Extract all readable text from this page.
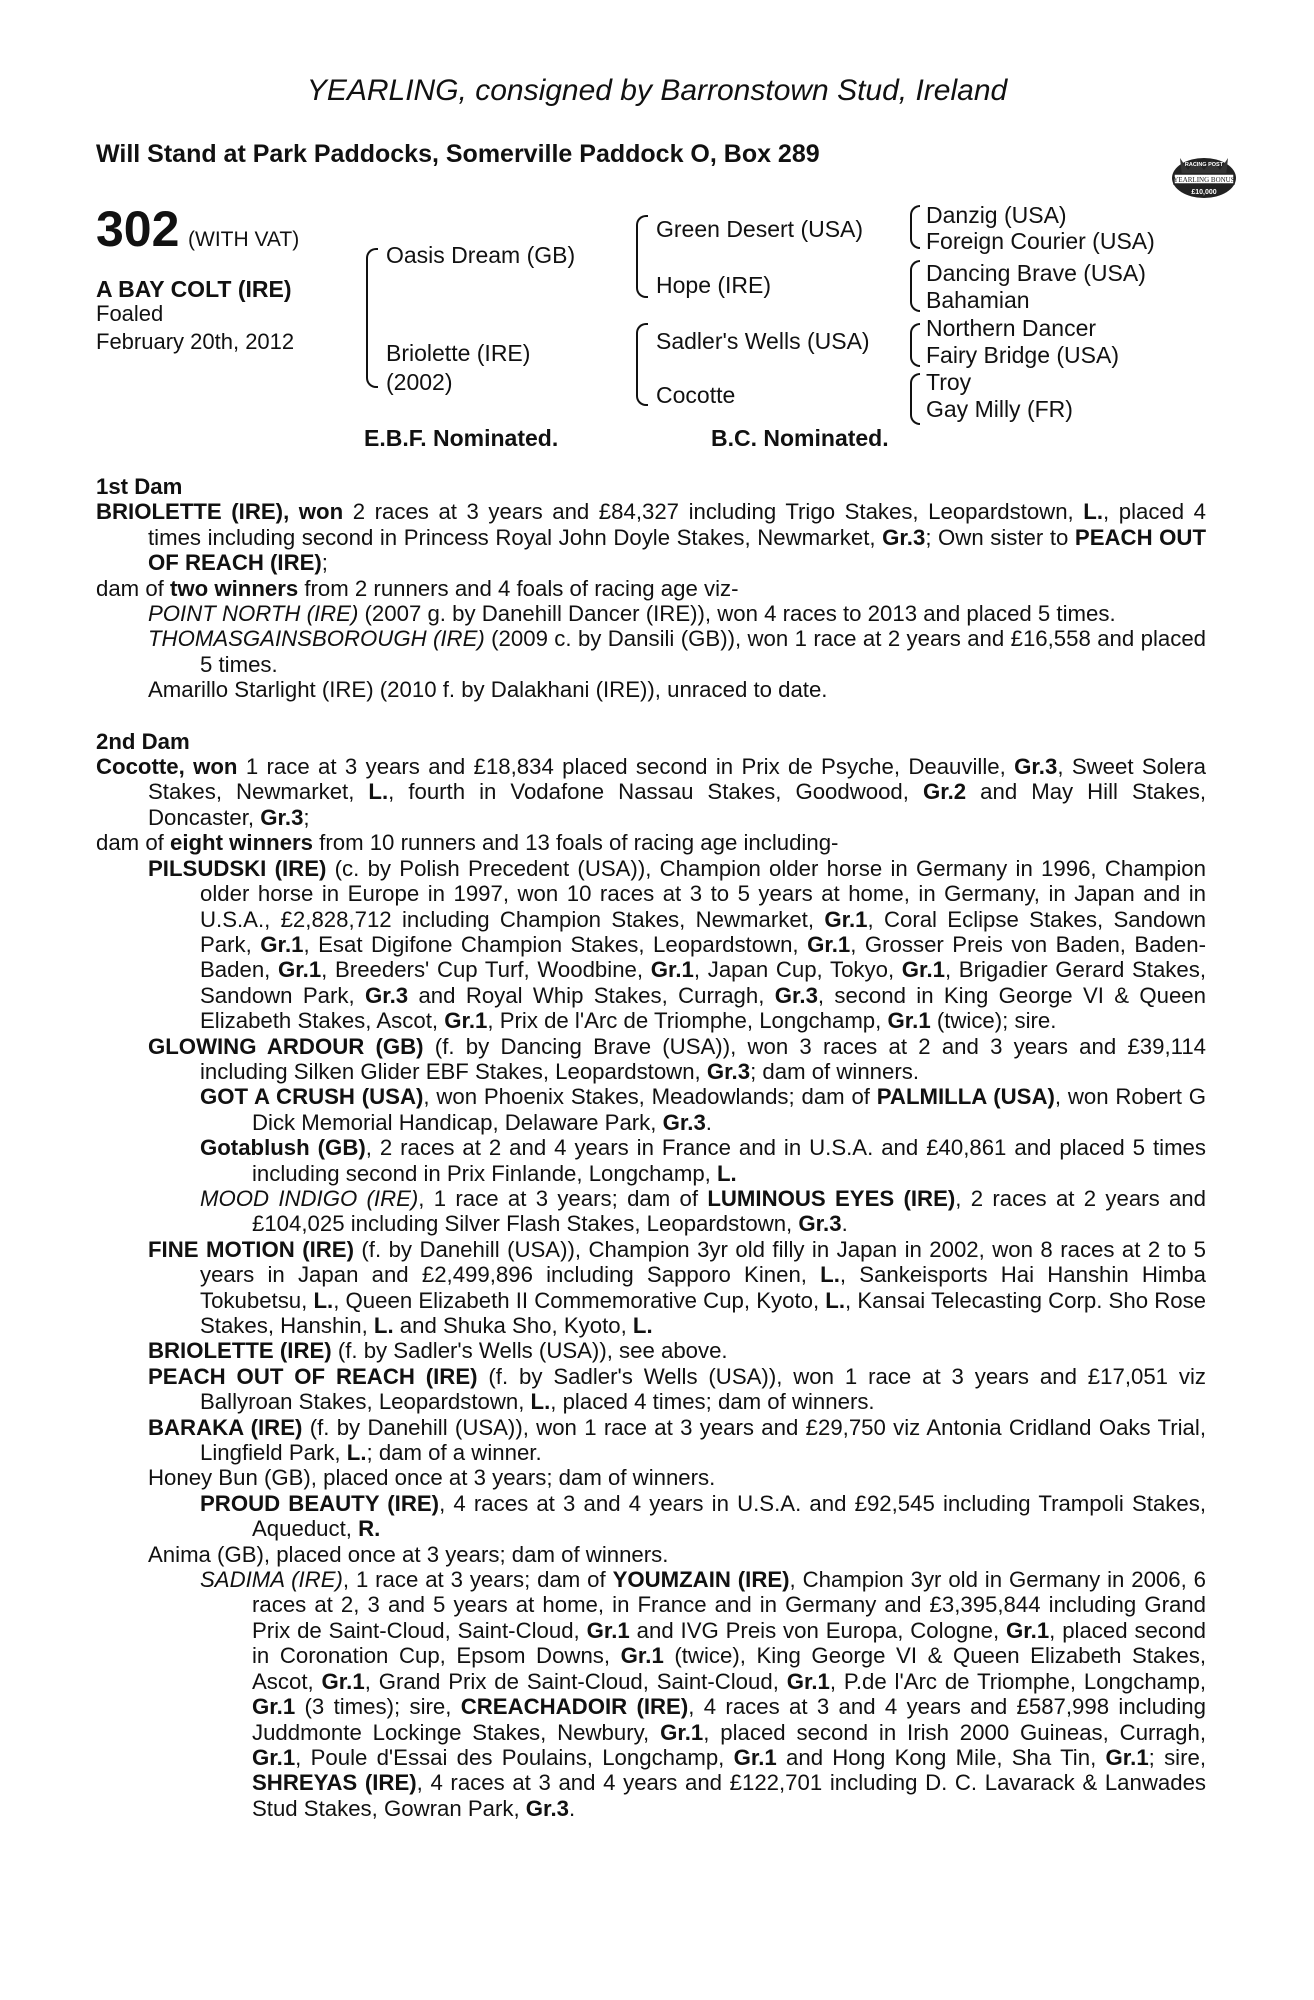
YEARLING, consigned by Barronstown Stud, Ireland
Will Stand at Park Paddocks, Somerville Paddock O, Box 289	RACING POST
YEARLING BONUS
£10,000
302 (WITH VAT)
A BAY COLT (IRE)
Foaled
February 20th, 2012
Oasis Dream (GB)
Briolette (IRE)
(2002)
Green Desert (USA)
Hope (IRE)
Sadler's Wells (USA)
Cocotte
Danzig (USA)
Foreign Courier (USA)
Dancing Brave (USA)
Bahamian
Northern Dancer
Fairy Bridge (USA)
Troy
Gay Milly (FR)
E.B.F. Nominated.	B.C. Nominated.

1st Dam

BRIOLETTE (IRE), won 2 races at 3 years and £84,327 including Trigo Stakes, Leopardstown, L., placed 4 times including second in Princess Royal John Doyle Stakes, Newmarket, Gr.3; Own sister to PEACH OUT OF REACH (IRE);

dam of two winners from 2 runners and 4 foals of racing age viz-

POINT NORTH (IRE) (2007 g. by Danehill Dancer (IRE)), won 4 races to 2013 and placed 5 times.

THOMASGAINSBOROUGH (IRE) (2009 c. by Dansili (GB)), won 1 race at 2 years and £16,558 and placed 5 times.

Amarillo Starlight (IRE) (2010 f. by Dalakhani (IRE)), unraced to date.

2nd Dam

Cocotte, won 1 race at 3 years and £18,834 placed second in Prix de Psyche, Deauville, Gr.3, Sweet Solera Stakes, Newmarket, L., fourth in Vodafone Nassau Stakes, Goodwood, Gr.2 and May Hill Stakes, Doncaster, Gr.3;

dam of eight winners from 10 runners and 13 foals of racing age including-

PILSUDSKI (IRE) (c. by Polish Precedent (USA)), Champion older horse in Germany in 1996, Champion older horse in Europe in 1997, won 10 races at 3 to 5 years at home, in Germany, in Japan and in U.S.A., £2,828,712 including Champion Stakes, Newmarket, Gr.1, Coral Eclipse Stakes, Sandown Park, Gr.1, Esat Digifone Champion Stakes, Leopardstown, Gr.1, Grosser Preis von Baden, Baden-Baden, Gr.1, Breeders' Cup Turf, Woodbine, Gr.1, Japan Cup, Tokyo, Gr.1, Brigadier Gerard Stakes, Sandown Park, Gr.3 and Royal Whip Stakes, Curragh, Gr.3, second in King George VI & Queen Elizabeth Stakes, Ascot, Gr.1, Prix de l'Arc de Triomphe, Longchamp, Gr.1 (twice); sire.

GLOWING ARDOUR (GB) (f. by Dancing Brave (USA)), won 3 races at 2 and 3 years and £39,114 including Silken Glider EBF Stakes, Leopardstown, Gr.3; dam of winners.

GOT A CRUSH (USA), won Phoenix Stakes, Meadowlands; dam of PALMILLA (USA), won Robert G Dick Memorial Handicap, Delaware Park, Gr.3.

Gotablush (GB), 2 races at 2 and 4 years in France and in U.S.A. and £40,861 and placed 5 times including second in Prix Finlande, Longchamp, L.

MOOD INDIGO (IRE), 1 race at 3 years; dam of LUMINOUS EYES (IRE), 2 races at 2 years and £104,025 including Silver Flash Stakes, Leopardstown, Gr.3.

FINE MOTION (IRE) (f. by Danehill (USA)), Champion 3yr old filly in Japan in 2002, won 8 races at 2 to 5 years in Japan and £2,499,896 including Sapporo Kinen, L., Sankeisports Hai Hanshin Himba Tokubetsu, L., Queen Elizabeth II Commemorative Cup, Kyoto, L., Kansai Telecasting Corp. Sho Rose Stakes, Hanshin, L. and Shuka Sho, Kyoto, L.

BRIOLETTE (IRE) (f. by Sadler's Wells (USA)), see above.

PEACH OUT OF REACH (IRE) (f. by Sadler's Wells (USA)), won 1 race at 3 years and £17,051 viz Ballyroan Stakes, Leopardstown, L., placed 4 times; dam of winners.

BARAKA (IRE) (f. by Danehill (USA)), won 1 race at 3 years and £29,750 viz Antonia Cridland Oaks Trial, Lingfield Park, L.; dam of a winner.

Honey Bun (GB), placed once at 3 years; dam of winners.

PROUD BEAUTY (IRE), 4 races at 3 and 4 years in U.S.A. and £92,545 including Trampoli Stakes, Aqueduct, R.

Anima (GB), placed once at 3 years; dam of winners.

SADIMA (IRE), 1 race at 3 years; dam of YOUMZAIN (IRE), Champion 3yr old in Germany in 2006, 6 races at 2, 3 and 5 years at home, in France and in Germany and £3,395,844 including Grand Prix de Saint-Cloud, Saint-Cloud, Gr.1 and IVG Preis von Europa, Cologne, Gr.1, placed second in Coronation Cup, Epsom Downs, Gr.1 (twice), King George VI & Queen Elizabeth Stakes, Ascot, Gr.1, Grand Prix de Saint-Cloud, Saint-Cloud, Gr.1, P.de l'Arc de Triomphe, Longchamp, Gr.1 (3 times); sire, CREACHADOIR (IRE), 4 races at 3 and 4 years and £587,998 including Juddmonte Lockinge Stakes, Newbury, Gr.1, placed second in Irish 2000 Guineas, Curragh, Gr.1, Poule d'Essai des Poulains, Longchamp, Gr.1 and Hong Kong Mile, Sha Tin, Gr.1; sire, SHREYAS (IRE), 4 races at 3 and 4 years and £122,701 including D. C. Lavarack & Lanwades Stud Stakes, Gowran Park, Gr.3.
